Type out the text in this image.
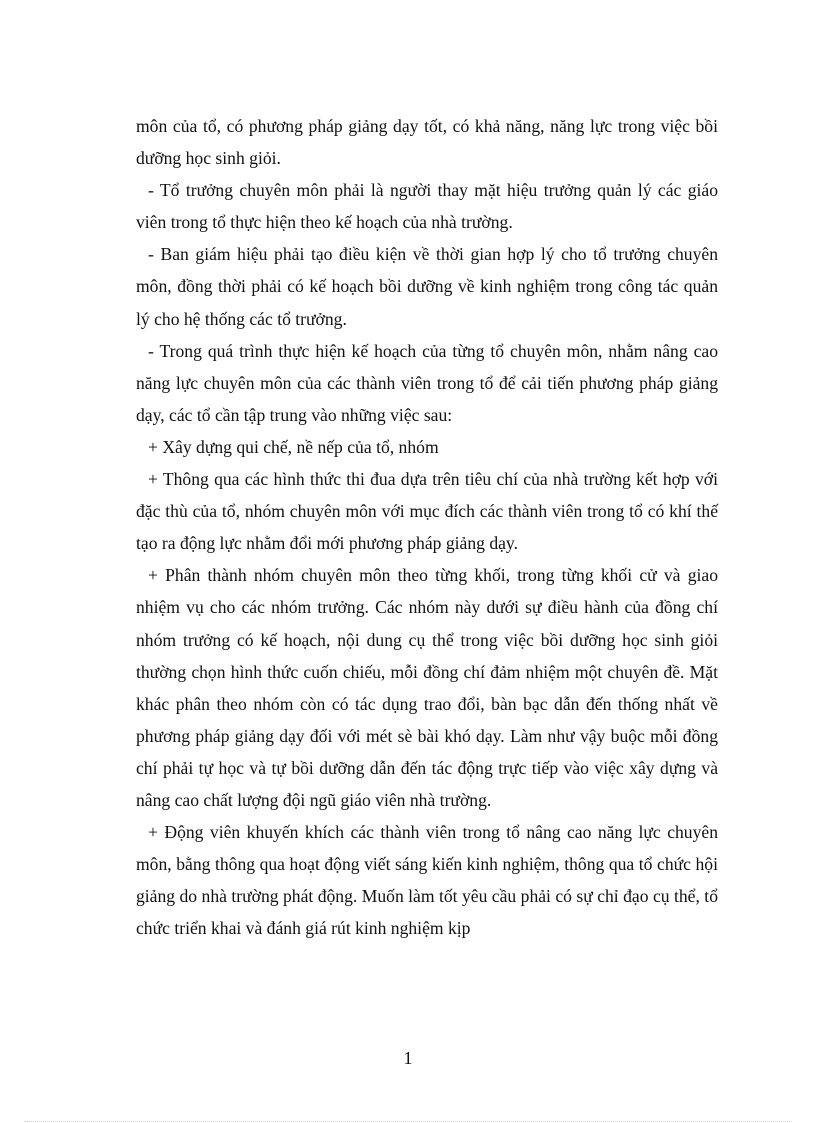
môn của tổ, có phương pháp giảng dạy tốt, có khả năng, năng lực trong việc bồi dưỡng học sinh giỏi.

- Tổ trưởng chuyên môn phải là người thay mặt hiệu trưởng quản lý các giáo viên trong tổ thực hiện theo kế hoạch của nhà trường.

- Ban giám hiệu phải tạo điều kiện về thời gian hợp lý cho tổ trưởng chuyên môn, đồng thời phải có kế hoạch bồi dưỡng về kinh nghiệm trong công tác quản lý cho hệ thống các tổ trưởng.

- Trong quá trình thực hiện kế hoạch của từng tổ chuyên môn, nhằm nâng cao năng lực chuyên môn của các thành viên trong tổ để cải tiến phương pháp giảng dạy, các tổ cần tập trung vào những việc sau:

+ Xây dựng qui chế, nề nếp của tổ, nhóm

+ Thông qua các hình thức thi đua dựa trên tiêu chí của nhà trường kết hợp với đặc thù của tổ, nhóm chuyên môn với mục đích các thành viên trong tổ có khí thế tạo ra động lực nhằm đổi mới phương pháp giảng dạy.

+ Phân thành nhóm chuyên môn theo từng khối, trong từng khối cử và giao nhiệm vụ cho các nhóm trưởng. Các nhóm này dưới sự điều hành của đồng chí nhóm trưởng có kế hoạch, nội dung cụ thể trong việc bồi dưỡng học sinh giỏi thường chọn hình thức cuốn chiếu, mỗi đồng chí đảm nhiệm một chuyên đề. Mặt khác phân theo nhóm còn có tác dụng trao đổi, bàn bạc dẫn đến thống nhất về phương pháp giảng dạy đối với mét sè bài khó dạy. Làm như vậy buộc mỗi đồng chí phải tự học và tự bồi dưỡng dẫn đến tác động trực tiếp vào việc xây dựng và nâng cao chất lượng đội ngũ giáo viên nhà trường.

+ Động viên khuyến khích các thành viên trong tổ nâng cao năng lực chuyên môn, bằng thông qua hoạt động viết sáng kiến kinh nghiệm, thông qua tổ chức hội giảng do nhà trường phát động. Muốn làm tốt yêu cầu phải có sự chỉ đạo cụ thể, tổ chức triển khai và đánh giá rút kinh nghiệm kịp

1
